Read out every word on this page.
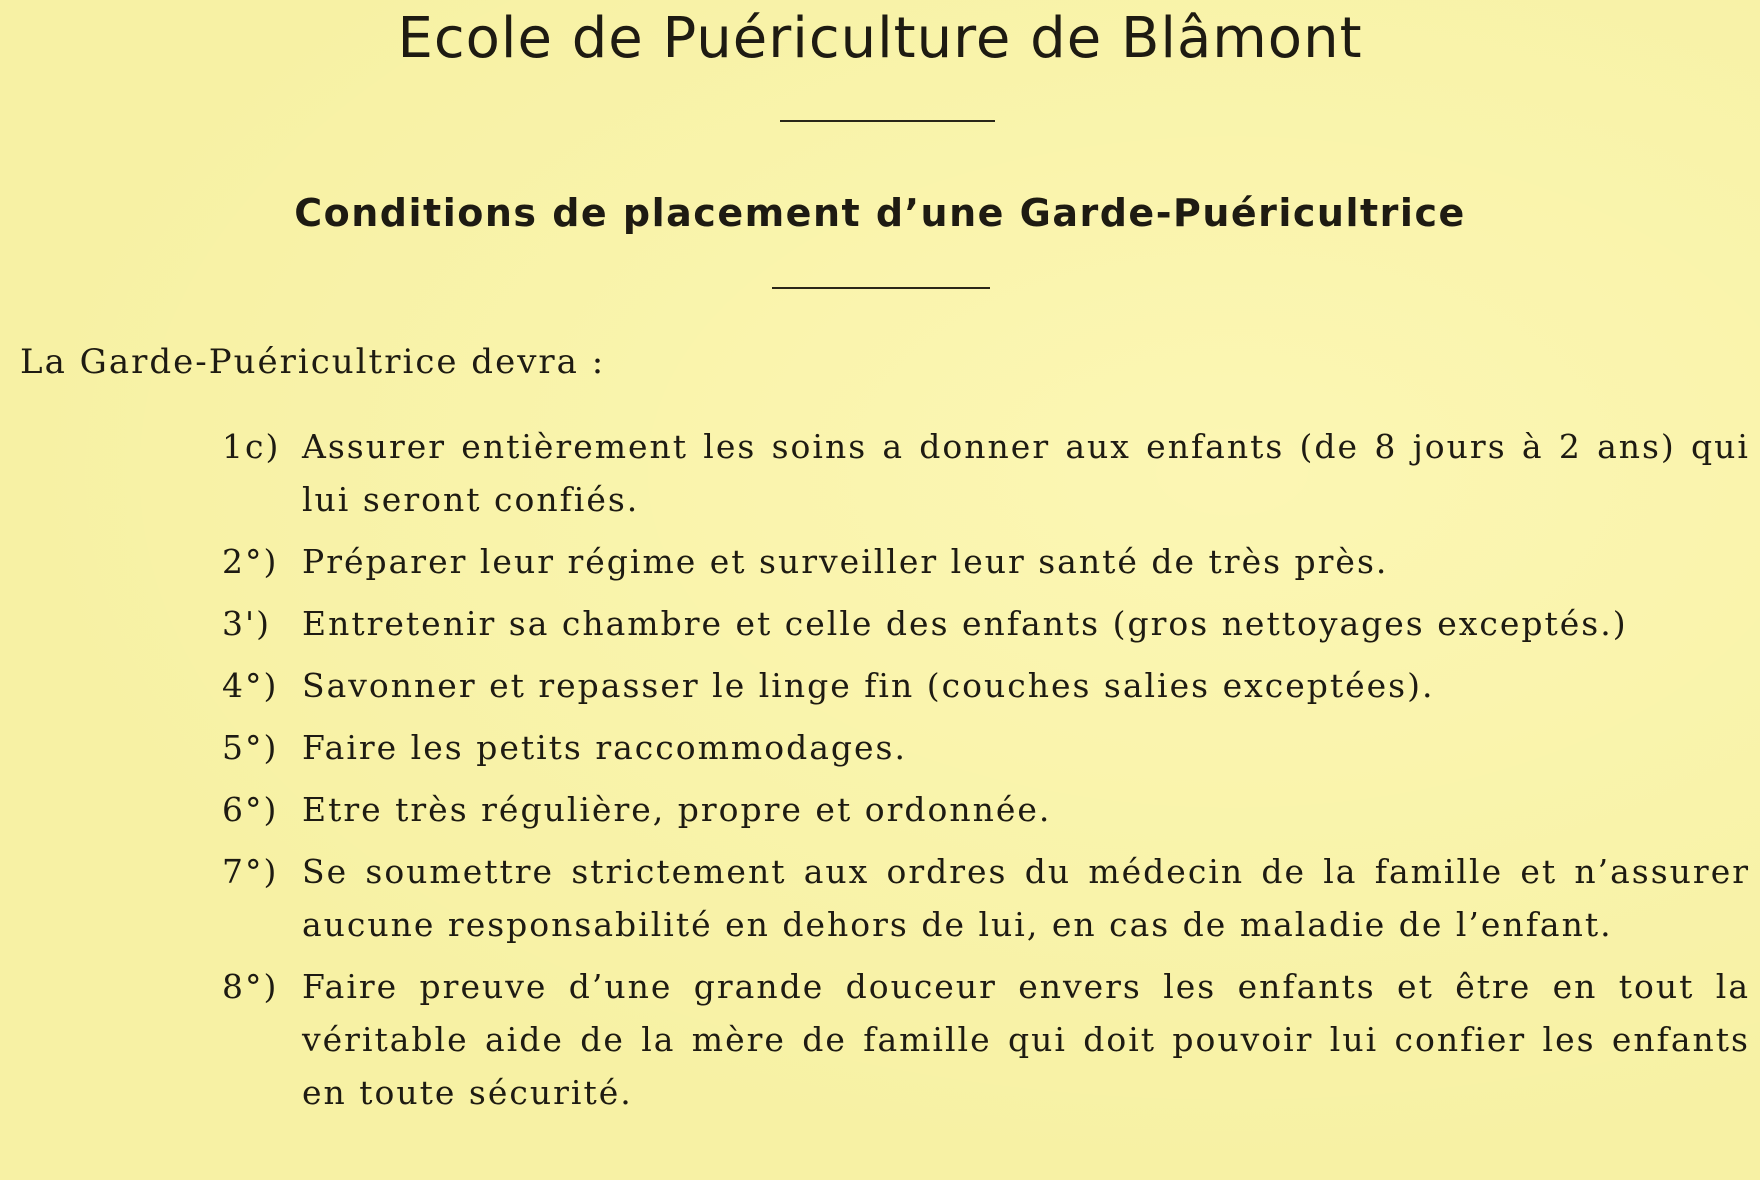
Ecole de Puériculture de Blâmont
Conditions de placement d’une Garde-Puéricultrice

La Garde-Puéricultrice devra :

1c) Assurer entièrement les soins a donner aux enfants (de 8 jours à 2 ans) qui lui seront confiés.
2°) Préparer leur régime et surveiller leur santé de très près.
3') Entretenir sa chambre et celle des enfants (gros nettoyages exceptés.)
4°) Savonner et repasser le linge fin (couches salies exceptées).
5°) Faire les petits raccommodages.
6°) Etre très régulière, propre et ordonnée.
7°) Se soumettre strictement aux ordres du médecin de la famille et n’assurer aucune responsabilité en dehors de lui, en cas de maladie de l’enfant.
8°) Faire preuve d’une grande douceur envers les enfants et être en tout la véritable aide de la mère de famille qui doit pouvoir lui confier les enfants en toute sécurité.
